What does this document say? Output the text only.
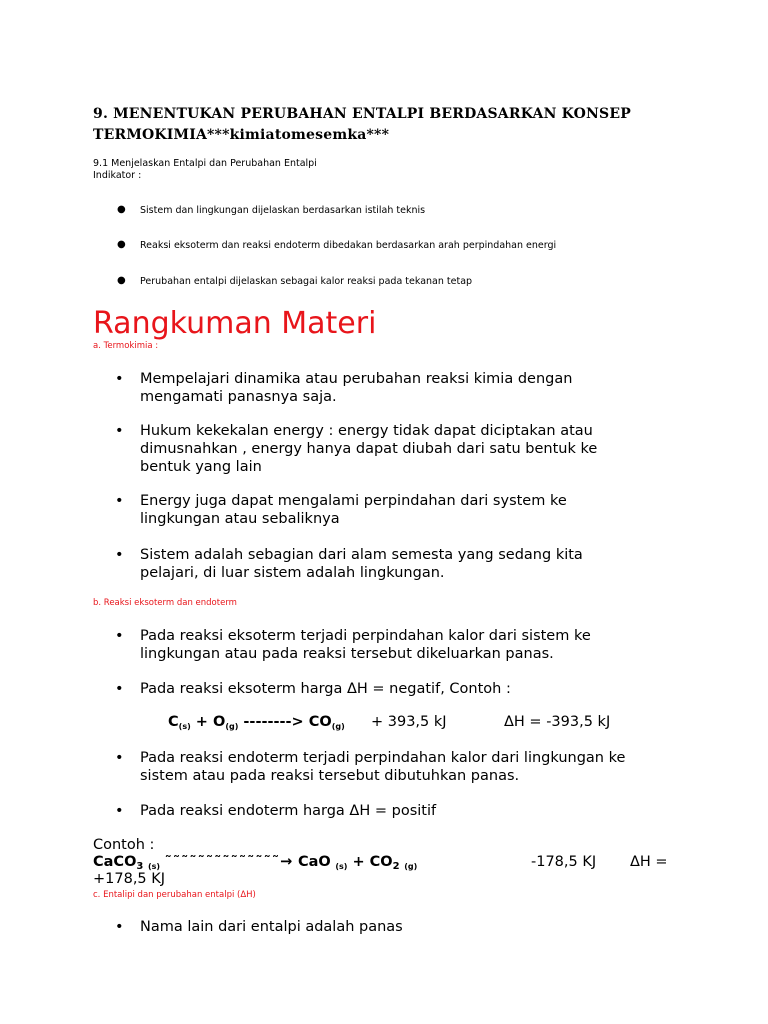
9. MENENTUKAN PERUBAHAN ENTALPI BERDASARKAN KONSEP
TERMOKIMIA***kimiatomesemka***
9.1 Menjelaskan Entalpi dan Perubahan Entalpi
Indikator :
● Sistem dan lingkungan dijelaskan berdasarkan istilah teknis
● Reaksi eksoterm dan reaksi endoterm dibedakan berdasarkan arah perpindahan energi
● Perubahan entalpi dijelaskan sebagai kalor reaksi pada tekanan tetap
Rangkuman Materi
a. Termokimia :
• Mempelajari dinamika atau perubahan reaksi kimia dengan
mengamati panasnya saja.
• Hukum kekekalan energy : energy tidak dapat diciptakan atau
dimusnahkan , energy hanya dapat diubah dari satu bentuk ke
bentuk yang lain
• Energy juga dapat mengalami perpindahan dari system ke
lingkungan atau sebaliknya
• Sistem adalah sebagian dari alam semesta yang sedang kita
pelajari, di luar sistem adalah lingkungan.
b. Reaksi eksoterm dan endoterm
• Pada reaksi eksoterm terjadi perpindahan kalor dari sistem ke
lingkungan atau pada reaksi tersebut dikeluarkan panas.
• Pada reaksi eksoterm harga ΔH = negatif, Contoh :
$C_{(s)} + O_{(g)}$ --------> $CO_{(g)} + 393,5$ kJ	ΔH = -393,5 kJ
• Pada reaksi endoterm terjadi perpindahan kalor dari lingkungan ke
sistem atau pada reaksi tersebut dibutuhkan panas.
• Pada reaksi endoterm harga ΔH = positif
Contoh :
CaCO$_3$ $_{(s)}$ ˜˜˜˜˜˜˜˜˜˜˜˜˜˜→ CaO $_{(s)} + CO_2$ $_{(g)}$	-178,5 KJ ΔH =
+178,5 KJ
c. Entalipi dan perubahan entalpi (ΔH)
• Nama lain dari entalpi adalah panas
